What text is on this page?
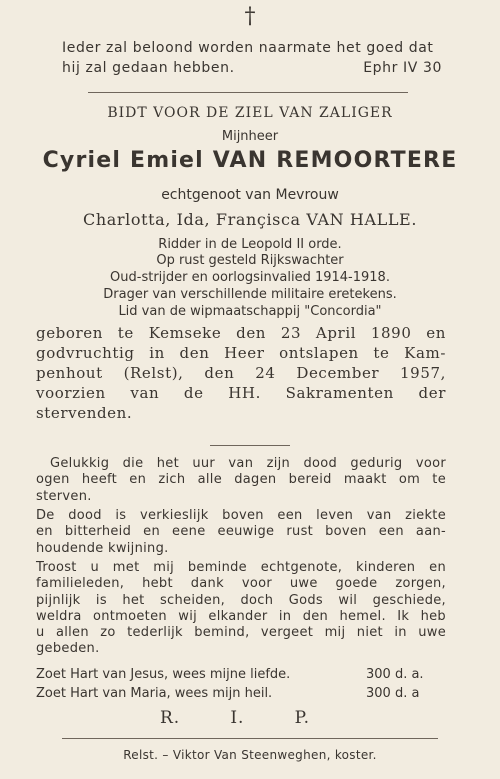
†
Ieder zal beloond worden naarmate het goed dat
hij zal gedaan hebben.	Ephr IV 30
BIDT VOOR DE ZIEL VAN ZALIGER
Mijnheer
Cyriel Emiel VAN REMOORTERE
echtgenoot van Mevrouw
Charlotta, Ida, Françisca VAN HALLE.
Ridder in de Leopold II orde.
Op rust gesteld Rijkswachter
Oud-strijder en oorlogsinvalied 1914-1918.
Drager van verschillende militaire eretekens.
Lid van de wipmaatschappij "Concordia"
geboren te Kemseke den 23 April 1890 en
godvruchtig in den Heer ontslapen te Kam-
penhout (Relst), den 24 December 1957,
voorzien van de HH. Sakramenten der
stervenden.
Gelukkig die het uur van zijn dood gedurig voor
ogen heeft en zich alle dagen bereid maakt om te
sterven.
De dood is verkieslijk boven een leven van ziekte
en bitterheid en eene eeuwige rust boven een aan-
houdende kwijning.
Troost u met mij beminde echtgenote, kinderen en
familieleden, hebt dank voor uwe goede zorgen,
pijnlijk is het scheiden, doch Gods wil geschiede,
weldra ontmoeten wij elkander in den hemel. Ik heb
u allen zo tederlijk bemind, vergeet mij niet in uwe
gebeden.
Zoet Hart van Jesus, wees mijne liefde.	300 d. a.
Zoet Hart van Maria, wees mijn heil.	300 d. a
R.	I.	P.
Relst. – Viktor Van Steenweghen, koster.
